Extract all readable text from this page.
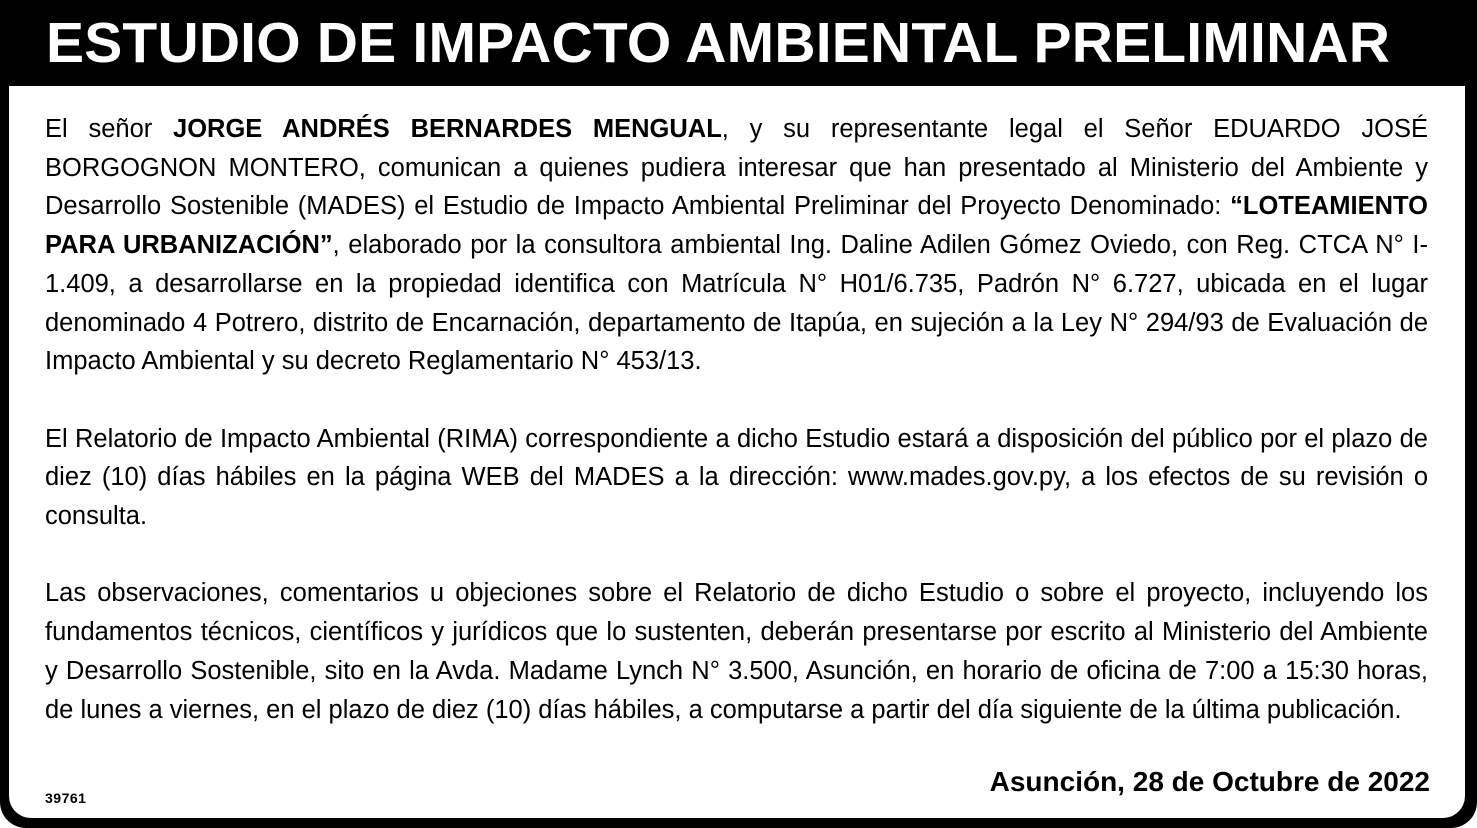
ESTUDIO DE IMPACTO AMBIENTAL PRELIMINAR

El señor JORGE ANDRÉS BERNARDES MENGUAL, y su representante legal el Señor EDUARDO JOSÉ BORGOGNON MONTERO, comunican a quienes pudiera interesar que han presentado al Ministerio del Ambiente y Desarrollo Sostenible (MADES) el Estudio de Impacto Ambiental Preliminar del Proyecto Denominado: “LOTEAMIENTO PARA URBANIZACIÓN”, elaborado por la consultora ambiental Ing. Daline Adilen Gómez Oviedo, con Reg. CTCA N° I-1.409, a desarrollarse en la propiedad identifica con Matrícula N° H01/6.735, Padrón N° 6.727, ubicada en el lugar denominado 4 Potrero, distrito de Encarnación, departamento de Itapúa, en sujeción a la Ley N° 294/93 de Evaluación de Impacto Ambiental y su decreto Reglamentario N° 453/13.

El Relatorio de Impacto Ambiental (RIMA) correspondiente a dicho Estudio estará a disposición del público por el plazo de diez (10) días hábiles en la página WEB del MADES a la dirección: www.mades.gov.py, a los efectos de su revisión o consulta.

Las observaciones, comentarios u objeciones sobre el Relatorio de dicho Estudio o sobre el proyecto, incluyendo los fundamentos técnicos, científicos y jurídicos que lo sustenten, deberán presentarse por escrito al Ministerio del Ambiente y Desarrollo Sostenible, sito en la Avda. Madame Lynch N° 3.500, Asunción, en horario de oficina de 7:00 a 15:30 horas, de lunes a viernes, en el plazo de diez (10) días hábiles, a computarse a partir del día siguiente de la última publicación.

39761
Asunción, 28 de Octubre de 2022
